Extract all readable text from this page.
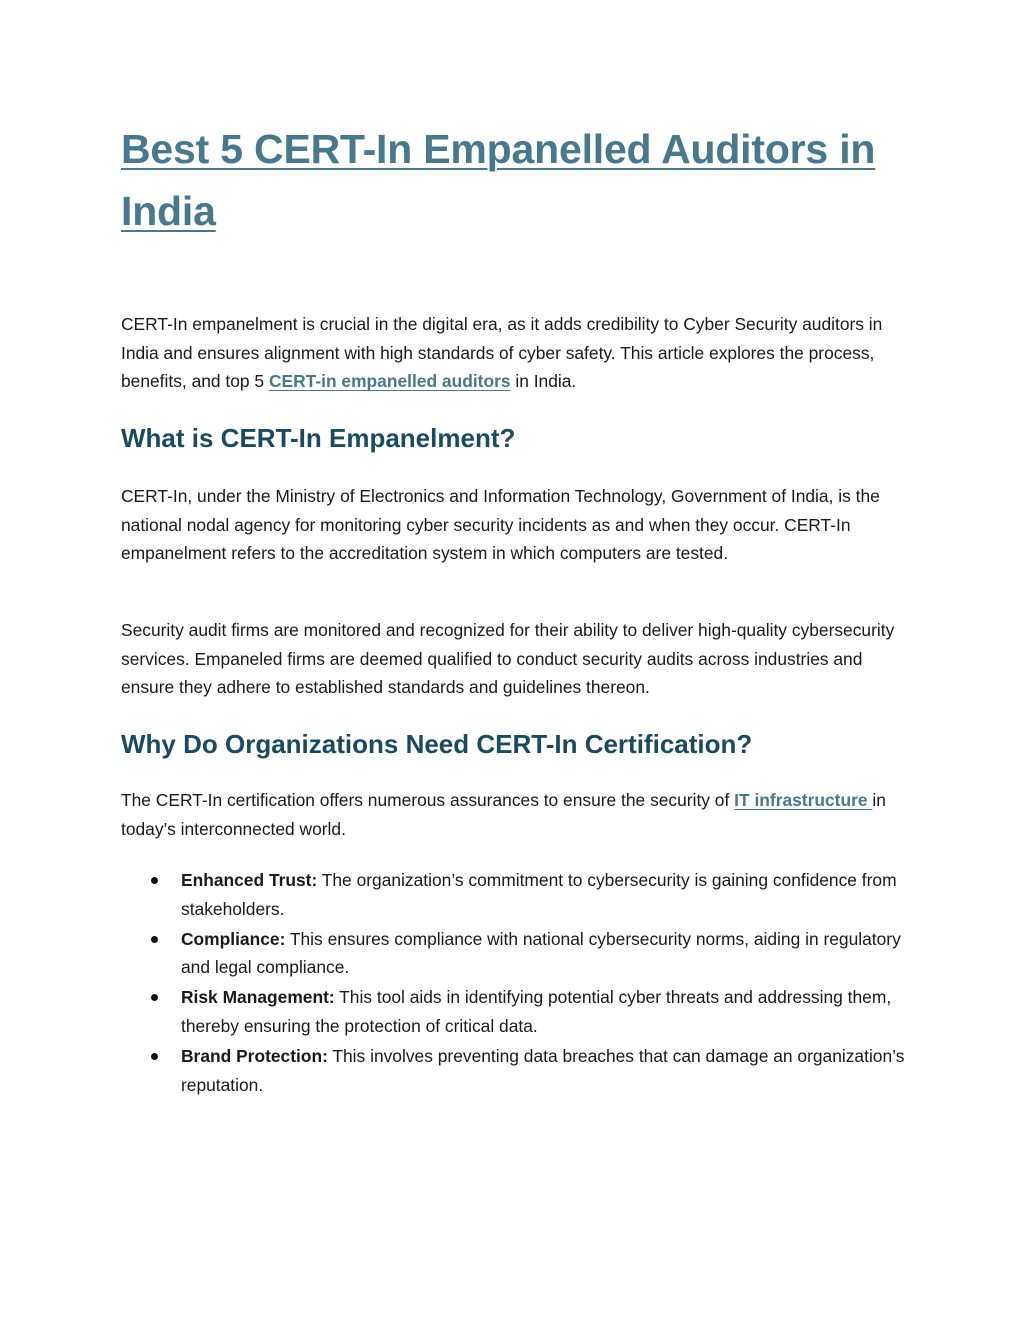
Best 5 CERT-In Empanelled Auditors in India

CERT-In empanelment is crucial in the digital era, as it adds credibility to Cyber Security auditors in India and ensures alignment with high standards of cyber safety. This article explores the process, benefits, and top 5 CERT-in empanelled auditors in India.

What is CERT-In Empanelment?

CERT-In, under the Ministry of Electronics and Information Technology, Government of India, is the national nodal agency for monitoring cyber security incidents as and when they occur. CERT-In empanelment refers to the accreditation system in which computers are tested.

Security audit firms are monitored and recognized for their ability to deliver high-quality cybersecurity services. Empaneled firms are deemed qualified to conduct security audits across industries and ensure they adhere to established standards and guidelines thereon.

Why Do Organizations Need CERT-In Certification?

The CERT-In certification offers numerous assurances to ensure the security of IT infrastructure in today’s interconnected world.

Enhanced Trust: The organization’s commitment to cybersecurity is gaining confidence from stakeholders.
Compliance: This ensures compliance with national cybersecurity norms, aiding in regulatory and legal compliance.
Risk Management: This tool aids in identifying potential cyber threats and addressing them, thereby ensuring the protection of critical data.
Brand Protection: This involves preventing data breaches that can damage an organization’s reputation.
